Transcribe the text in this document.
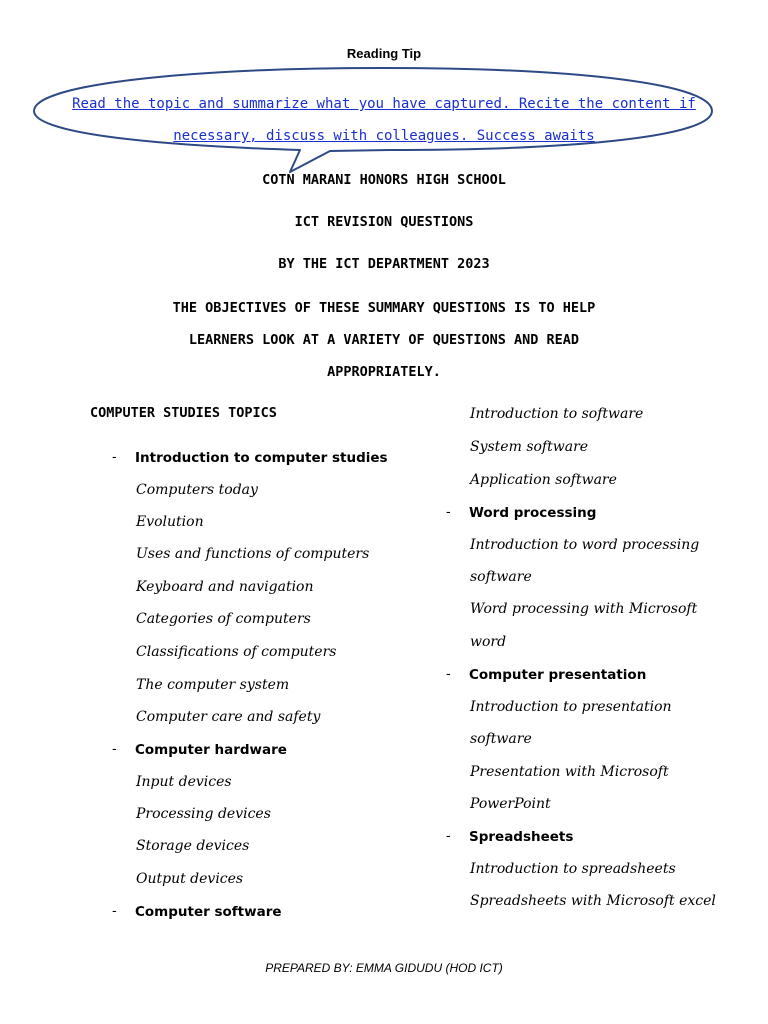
Reading Tip
Read the topic and summarize what you have captured. Recite the content if
necessary, discuss with colleagues. Success awaits
COTN MARANI HONORS HIGH SCHOOL
ICT REVISION QUESTIONS
BY THE ICT DEPARTMENT 2023
THE OBJECTIVES OF THESE SUMMARY QUESTIONS IS TO HELP
LEARNERS LOOK AT A VARIETY OF QUESTIONS AND READ
APPROPRIATELY.
COMPUTER STUDIES TOPICS
- Introduction to computer studies
Computers today
Evolution
Uses and functions of computers
Keyboard and navigation
Categories of computers
Classifications of computers
The computer system
Computer care and safety
- Computer hardware
Input devices
Processing devices
Storage devices
Output devices
- Computer software
Introduction to software
System software
Application software
- Word processing
Introduction to word processing
software
Word processing with Microsoft
word
- Computer presentation
Introduction to presentation
software
Presentation with Microsoft
PowerPoint
- Spreadsheets
Introduction to spreadsheets
Spreadsheets with Microsoft excel
PREPARED BY: EMMA GIDUDU (HOD ICT)
